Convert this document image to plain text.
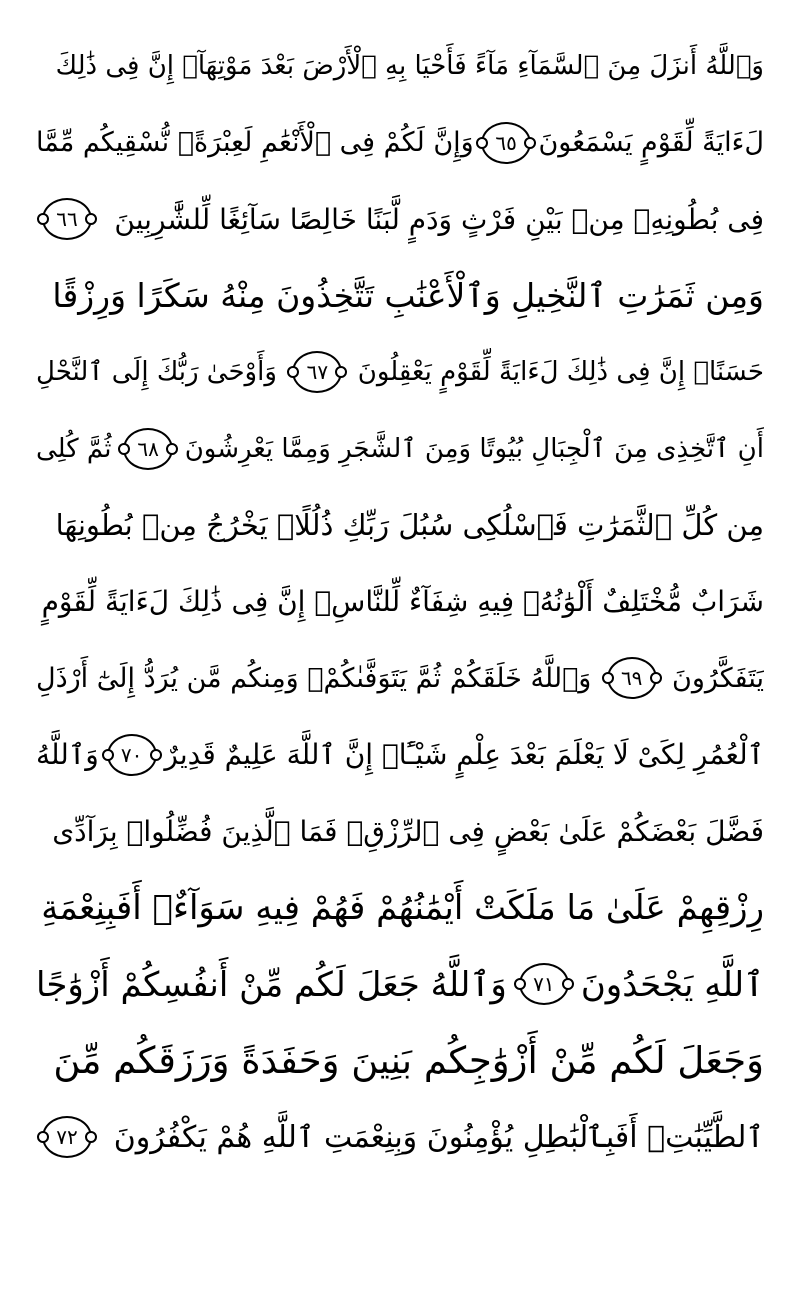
وَٱللَّهُ أَنزَلَ مِنَ ٱلسَّمَآءِ مَآءً فَأَحْيَا بِهِ ٱلْأَرْضَ بَعْدَ مَوْتِهَآۚ إِنَّ فِى ذَٰلِكَ
لَءَايَةً لِّقَوْمٍ يَسْمَعُونَ
٦٥
وَإِنَّ لَكُمْ فِى ٱلْأَنْعَٰمِ لَعِبْرَةًۖ نُّسْقِيكُم مِّمَّا
فِى بُطُونِهِۦ مِنۢ بَيْنِ فَرْثٍ وَدَمٍ لَّبَنًا خَالِصًا سَآئِغًا لِّلشَّٰرِبِينَ
٦٦
وَمِن ثَمَرَٰتِ ٱلنَّخِيلِ وَٱلْأَعْنَٰبِ تَتَّخِذُونَ مِنْهُ سَكَرًا وَرِزْقًا
حَسَنًاۗ إِنَّ فِى ذَٰلِكَ لَءَايَةً لِّقَوْمٍ يَعْقِلُونَ
٦٧
وَأَوْحَىٰ رَبُّكَ إِلَى ٱلنَّحْلِ
أَنِ ٱتَّخِذِى مِنَ ٱلْجِبَالِ بُيُوتًا وَمِنَ ٱلشَّجَرِ وَمِمَّا يَعْرِشُونَ
٦٨
ثُمَّ كُلِى
مِن كُلِّ ٱلثَّمَرَٰتِ فَٱسْلُكِى سُبُلَ رَبِّكِ ذُلُلًاۚ يَخْرُجُ مِنۢ بُطُونِهَا
شَرَابٌ مُّخْتَلِفٌ أَلْوَٰنُهُۥ فِيهِ شِفَآءٌ لِّلنَّاسِۗ إِنَّ فِى ذَٰلِكَ لَءَايَةً لِّقَوْمٍ
يَتَفَكَّرُونَ
٦٩
وَٱللَّهُ خَلَقَكُمْ ثُمَّ يَتَوَفَّىٰكُمْۚ وَمِنكُم مَّن يُرَدُّ إِلَىٰٓ أَرْذَلِ
ٱلْعُمُرِ لِكَىْ لَا يَعْلَمَ بَعْدَ عِلْمٍ شَيْـًٔاۚ إِنَّ ٱللَّهَ عَلِيمٌ قَدِيرٌ
٧٠
وَٱللَّهُ
فَضَّلَ بَعْضَكُمْ عَلَىٰ بَعْضٍ فِى ٱلرِّزْقِۚ فَمَا ٱلَّذِينَ فُضِّلُوا۟ بِرَآدِّى
رِزْقِهِمْ عَلَىٰ مَا مَلَكَتْ أَيْمَٰنُهُمْ فَهُمْ فِيهِ سَوَآءٌۚ أَفَبِنِعْمَةِ
ٱللَّهِ يَجْحَدُونَ
٧١
وَٱللَّهُ جَعَلَ لَكُم مِّنْ أَنفُسِكُمْ أَزْوَٰجًا
وَجَعَلَ لَكُم مِّنْ أَزْوَٰجِكُم بَنِينَ وَحَفَدَةً وَرَزَقَكُم مِّنَ
ٱلطَّيِّبَٰتِۚ أَفَبِٱلْبَٰطِلِ يُؤْمِنُونَ وَبِنِعْمَتِ ٱللَّهِ هُمْ يَكْفُرُونَ
٧٢
